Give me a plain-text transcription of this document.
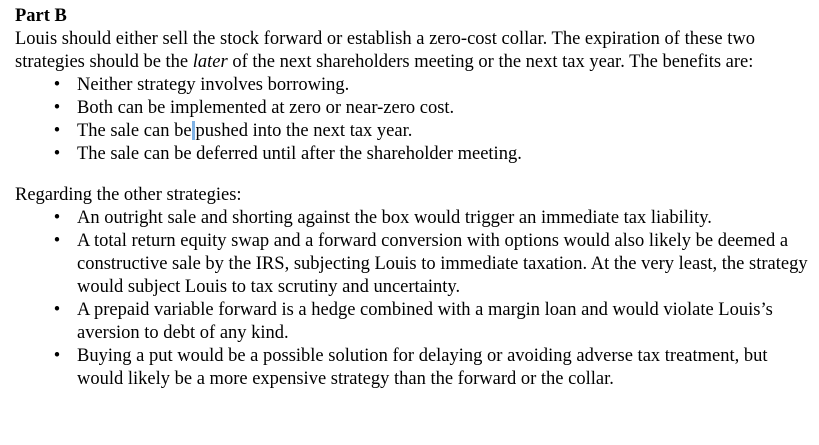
Part B

Louis should either sell the stock forward or establish a zero-cost collar. The expiration of these two strategies should be the later of the next shareholders meeting or the next tax year. The benefits are:

• Neither strategy involves borrowing.
• Both can be implemented at zero or near-zero cost.
• The sale can be pushed into the next tax year.
• The sale can be deferred until after the shareholder meeting.

Regarding the other strategies:

• An outright sale and shorting against the box would trigger an immediate tax liability.
• A total return equity swap and a forward conversion with options would also likely be deemed a constructive sale by the IRS, subjecting Louis to immediate taxation. At the very least, the strategy would subject Louis to tax scrutiny and uncertainty.
• A prepaid variable forward is a hedge combined with a margin loan and would violate Louis’s aversion to debt of any kind.
• Buying a put would be a possible solution for delaying or avoiding adverse tax treatment, but would likely be a more expensive strategy than the forward or the collar.
